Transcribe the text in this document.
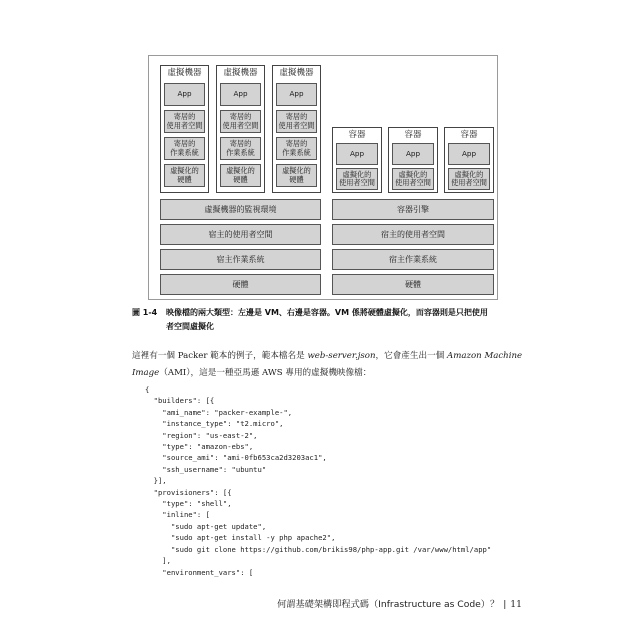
虛擬機器
App
寄居的
使用者空間
寄居的
作業系統
虛擬化的
硬體
虛擬機器
App
寄居的
使用者空間
寄居的
作業系統
虛擬化的
硬體
虛擬機器
App
寄居的
使用者空間
寄居的
作業系統
虛擬化的
硬體
容器
App
虛擬化的
使用者空間
容器
App
虛擬化的
使用者空間
容器
App
虛擬化的
使用者空間
虛擬機器的監視環境
宿主的使用者空間
宿主作業系統
硬體
容器引擎
宿主的使用者空間
宿主作業系統
硬體
圖 1-4 映像檔的兩大類型：左邊是 VM、右邊是容器。VM 係將硬體虛擬化，而容器則是只把使用
者空間虛擬化
這裡有一個 Packer 範本的例子，範本檔名是 web-server.json，它會產生出一個 Amazon Machine Image（AMI），這是一種亞馬遜 AWS 專用的虛擬機映像檔：
{
"builders": [{
"ami_name": "packer-example-",
"instance_type": "t2.micro",
"region": "us-east-2",
"type": "amazon-ebs",
"source_ami": "ami-0fb653ca2d3203ac1",
"ssh_username": "ubuntu"
}],
"provisioners": [{
"type": "shell",
"inline": [
"sudo apt-get update",
"sudo apt-get install -y php apache2",
"sudo git clone https://github.com/brikis98/php-app.git /var/www/html/app"
],
"environment_vars": [
何謂基礎架構即程式碼（Infrastructure as Code）？ | 11
